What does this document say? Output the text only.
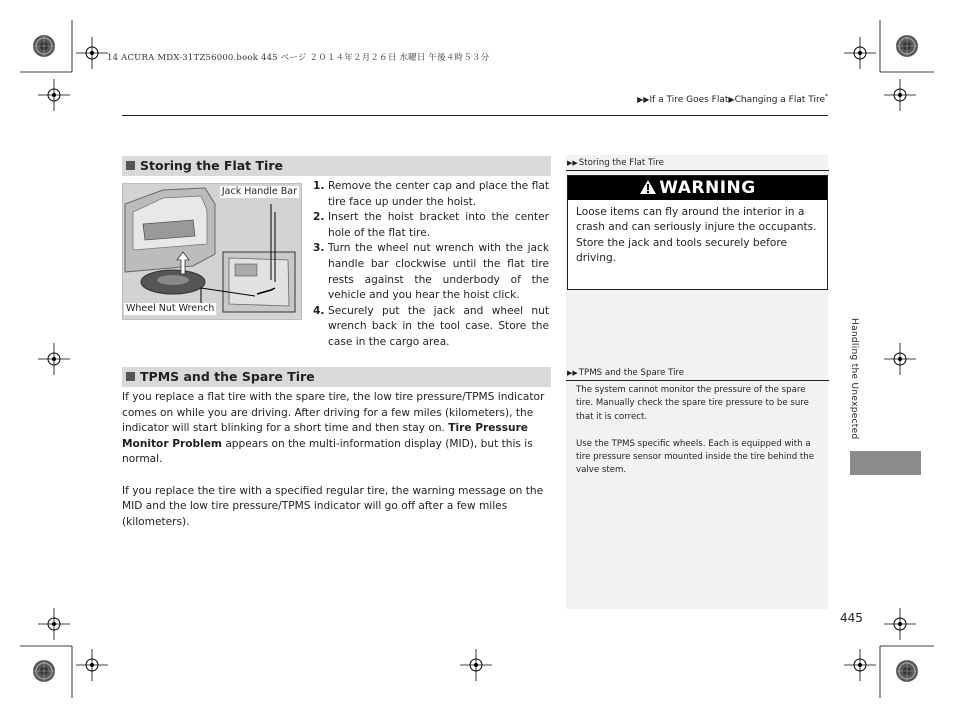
14 ACURA MDX-31TZ56000.book 445 ページ ２０１４年２月２６日 水曜日 午後４時５３分
▶▶If a Tire Goes Flat▶Changing a Flat Tire*
Storing the Flat Tire
Jack Handle Bar
Wheel Nut Wrench
1. Remove the center cap and place the flat tire face up under the hoist.
2. Insert the hoist bracket into the center hole of the flat tire.
3. Turn the wheel nut wrench with the jack handle bar clockwise until the flat tire rests against the underbody of the vehicle and you hear the hoist click.
4. Securely put the jack and wheel nut wrench back in the tool case. Store the case in the cargo area.
TPMS and the Spare Tire

If you replace a flat tire with the spare tire, the low tire pressure/TPMS indicator comes on while you are driving. After driving for a few miles (kilometers), the indicator will start blinking for a short time and then stay on. Tire Pressure Monitor Problem appears on the multi-information display (MID), but this is normal.

If you replace the tire with a specified regular tire, the warning message on the MID and the low tire pressure/TPMS indicator will go off after a few miles (kilometers).

▶▶Storing the Flat Tire
WARNING
Loose items can fly around the interior in a crash and can seriously injure the occupants.
Store the jack and tools securely before driving.
▶▶TPMS and the Spare Tire

The system cannot monitor the pressure of the spare tire. Manually check the spare tire pressure to be sure that it is correct.

Use the TPMS specific wheels. Each is equipped with a tire pressure sensor mounted inside the tire behind the valve stem.

Handling the Unexpected
445
